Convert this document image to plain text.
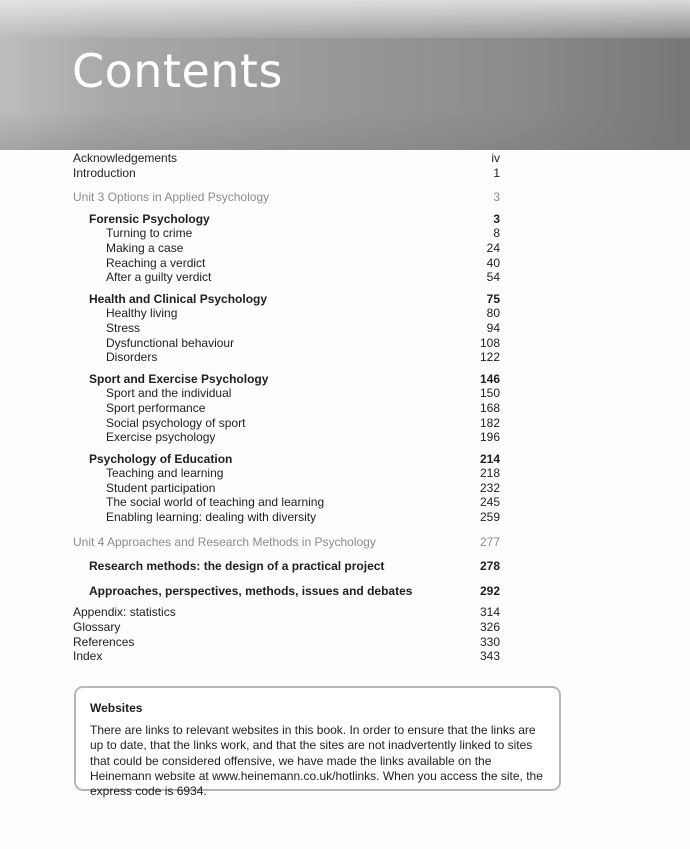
Contents
Acknowledgements	iv
Introduction	1
Unit 3 Options in Applied Psychology	3
Forensic Psychology	3
Turning to crime	8
Making a case	24
Reaching a verdict	40
After a guilty verdict	54
Health and Clinical Psychology	75
Healthy living	80
Stress	94
Dysfunctional behaviour	108
Disorders	122
Sport and Exercise Psychology	146
Sport and the individual	150
Sport performance	168
Social psychology of sport	182
Exercise psychology	196
Psychology of Education	214
Teaching and learning	218
Student participation	232
The social world of teaching and learning	245
Enabling learning: dealing with diversity	259
Unit 4 Approaches and Research Methods in Psychology	277
Research methods: the design of a practical project	278
Approaches, perspectives, methods, issues and debates	292
Appendix: statistics	314
Glossary	326
References	330
Index	343
Websites

There are links to relevant websites in this book. In order to ensure that the links are up to date, that the links work, and that the sites are not inadvertently linked to sites that could be considered offensive, we have made the links available on the Heinemann website at www.heinemann.co.uk/hotlinks. When you access the site, the express code is 6934.
